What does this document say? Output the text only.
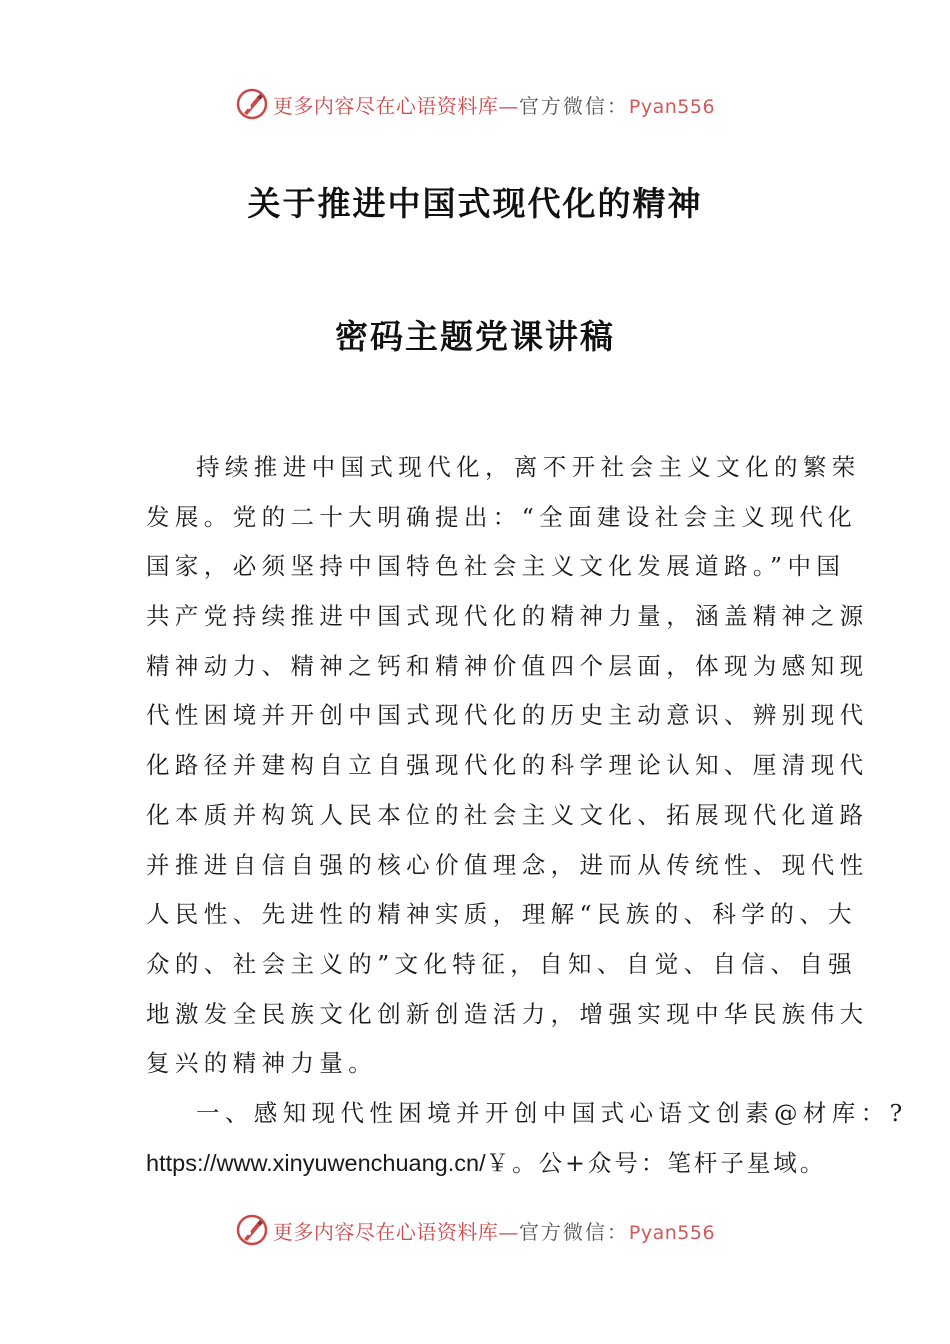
更多内容尽在心语资料库—官方微信：Pyan556
关于推进中国式现代化的精神
密码主题党课讲稿
持续推进中国式现代化，离不开社会主义文化的繁荣
发展。党的二十大明确提出：“全面建设社会主义现代化
国家，必须坚持中国特色社会主义文化发展道路。”中国
共产党持续推进中国式现代化的精神力量，涵盖精神之源
精神动力、精神之钙和精神价值四个层面，体现为感知现
代性困境并开创中国式现代化的历史主动意识、辨别现代
化路径并建构自立自强现代化的科学理论认知、厘清现代
化本质并构筑人民本位的社会主义文化、拓展现代化道路
并推进自信自强的核心价值理念，进而从传统性、现代性
人民性、先进性的精神实质，理解“民族的、科学的、大
众的、社会主义的”文化特征，自知、自觉、自信、自强
地激发全民族文化创新创造活力，增强实现中华民族伟大
复兴的精神力量。
一、感知现代性困境并开创中国式心语文创素@材库：?
https://www.xinyuwenchuang.cn/￥。公+众号：笔杆子星域。
更多内容尽在心语资料库—官方微信：Pyan556
